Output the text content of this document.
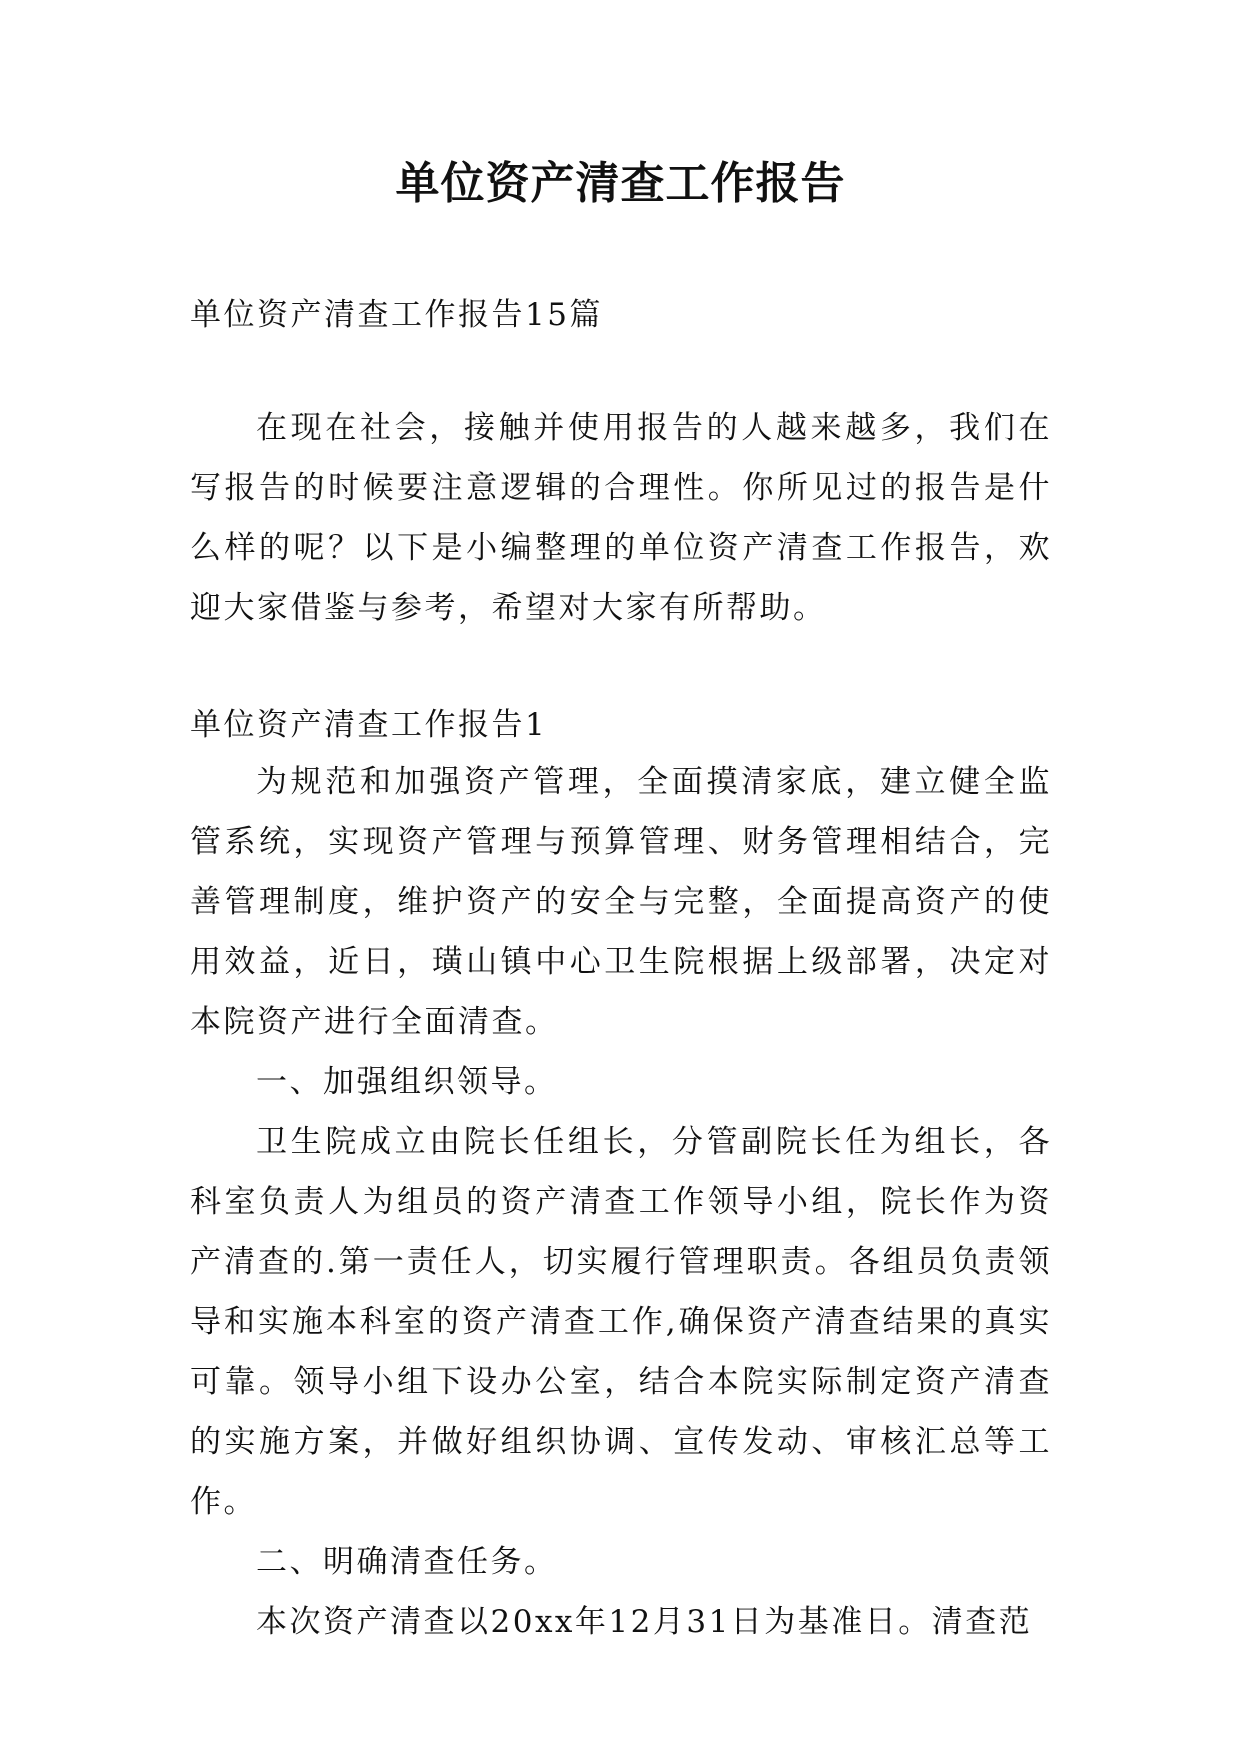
单位资产清查工作报告

单位资产清查工作报告15篇

在现在社会，接触并使用报告的人越来越多，我们在写报告的时候要注意逻辑的合理性。你所见过的报告是什么样的呢？以下是小编整理的单位资产清查工作报告，欢迎大家借鉴与参考，希望对大家有所帮助。

单位资产清查工作报告1

为规范和加强资产管理，全面摸清家底，建立健全监管系统，实现资产管理与预算管理、财务管理相结合，完善管理制度，维护资产的安全与完整，全面提高资产的使用效益，近日，璜山镇中心卫生院根据上级部署，决定对本院资产进行全面清查。

一、加强组织领导。

卫生院成立由院长任组长，分管副院长任为组长，各科室负责人为组员的资产清查工作领导小组，院长作为资产清查的.第一责任人，切实履行管理职责。各组员负责领导和实施本科室的资产清查工作,确保资产清查结果的真实可靠。领导小组下设办公室，结合本院实际制定资产清查的实施方案，并做好组织协调、宣传发动、审核汇总等工作。

二、明确清查任务。

本次资产清查以20xx年12月31日为基准日。清查范
